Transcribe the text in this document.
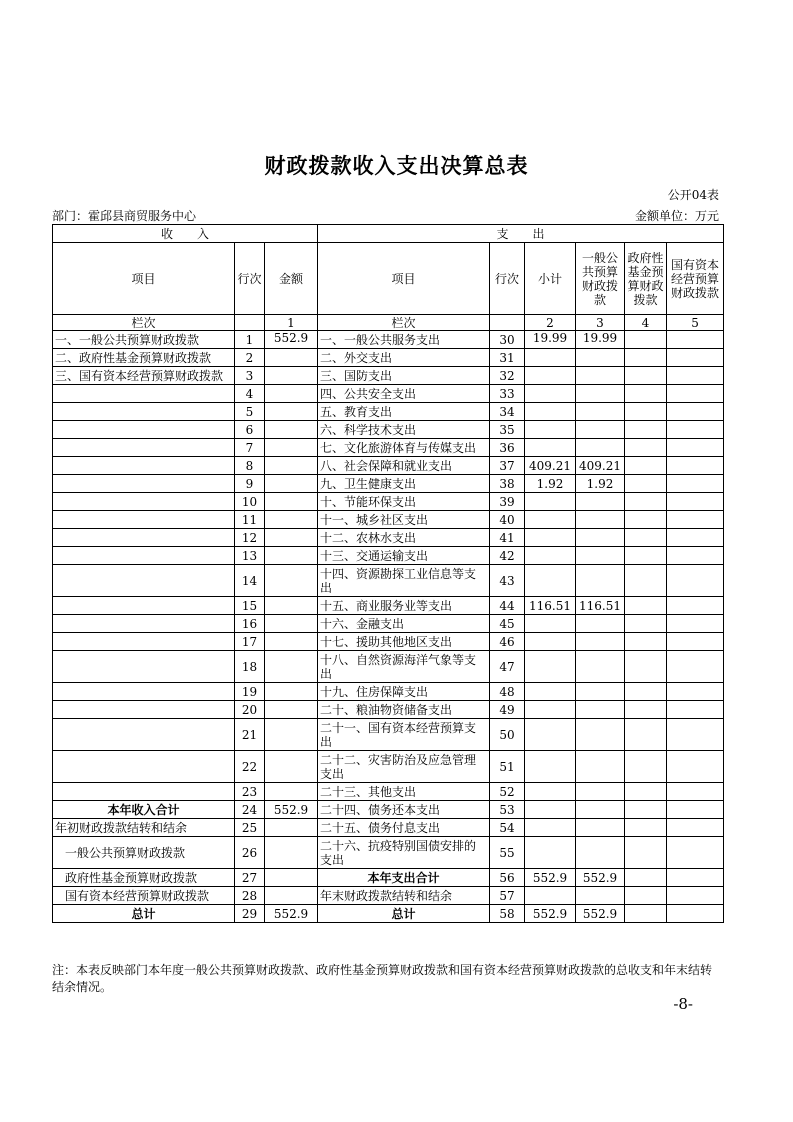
财政拨款收入支出决算总表
公开04表
部门：霍邱县商贸服务中心	金额单位：万元
收　　入			支　　出					
项目	行次	金额	项目	行次	小计	一般公共预算财政拨款	政府性基金预算财政拨款	国有资本经营预算财政拨款
栏次		1	栏次		2	3	4	5
一、一般公共预算财政拨款	1	552.9	一、一般公共服务支出	30	19.99	19.99		
二、政府性基金预算财政拨款	2		二、外交支出	31				
三、国有资本经营预算财政拨款	3		三、国防支出	32				
	4		四、公共安全支出	33				
	5		五、教育支出	34				
	6		六、科学技术支出	35				
	7		七、文化旅游体育与传媒支出	36				
	8		八、社会保障和就业支出	37	409.21	409.21		
	9		九、卫生健康支出	38	1.92	1.92		
	10		十、节能环保支出	39				
	11		十一、城乡社区支出	40				
	12		十二、农林水支出	41				
	13		十三、交通运输支出	42				
	14		十四、资源勘探工业信息等支出	43				
	15		十五、商业服务业等支出	44	116.51	116.51		
	16		十六、金融支出	45				
	17		十七、援助其他地区支出	46				
	18		十八、自然资源海洋气象等支出	47				
	19		十九、住房保障支出	48				
	20		二十、粮油物资储备支出	49				
	21		二十一、国有资本经营预算支出	50				
	22		二十二、灾害防治及应急管理支出	51				
	23		二十三、其他支出	52				
本年收入合计	24	552.9	二十四、债务还本支出	53				
年初财政拨款结转和结余	25		二十五、债务付息支出	54				
一般公共预算财政拨款	26		二十六、抗疫特别国债安排的支出	55				
政府性基金预算财政拨款	27		本年支出合计	56	552.9	552.9		
国有资本经营预算财政拨款	28		年末财政拨款结转和结余	57				
总计	29	552.9	总计	58	552.9	552.9		
注：本表反映部门本年度一般公共预算财政拨款、政府性基金预算财政拨款和国有资本经营预算财政拨款的总收支和年末结转结余情况。
-8-
